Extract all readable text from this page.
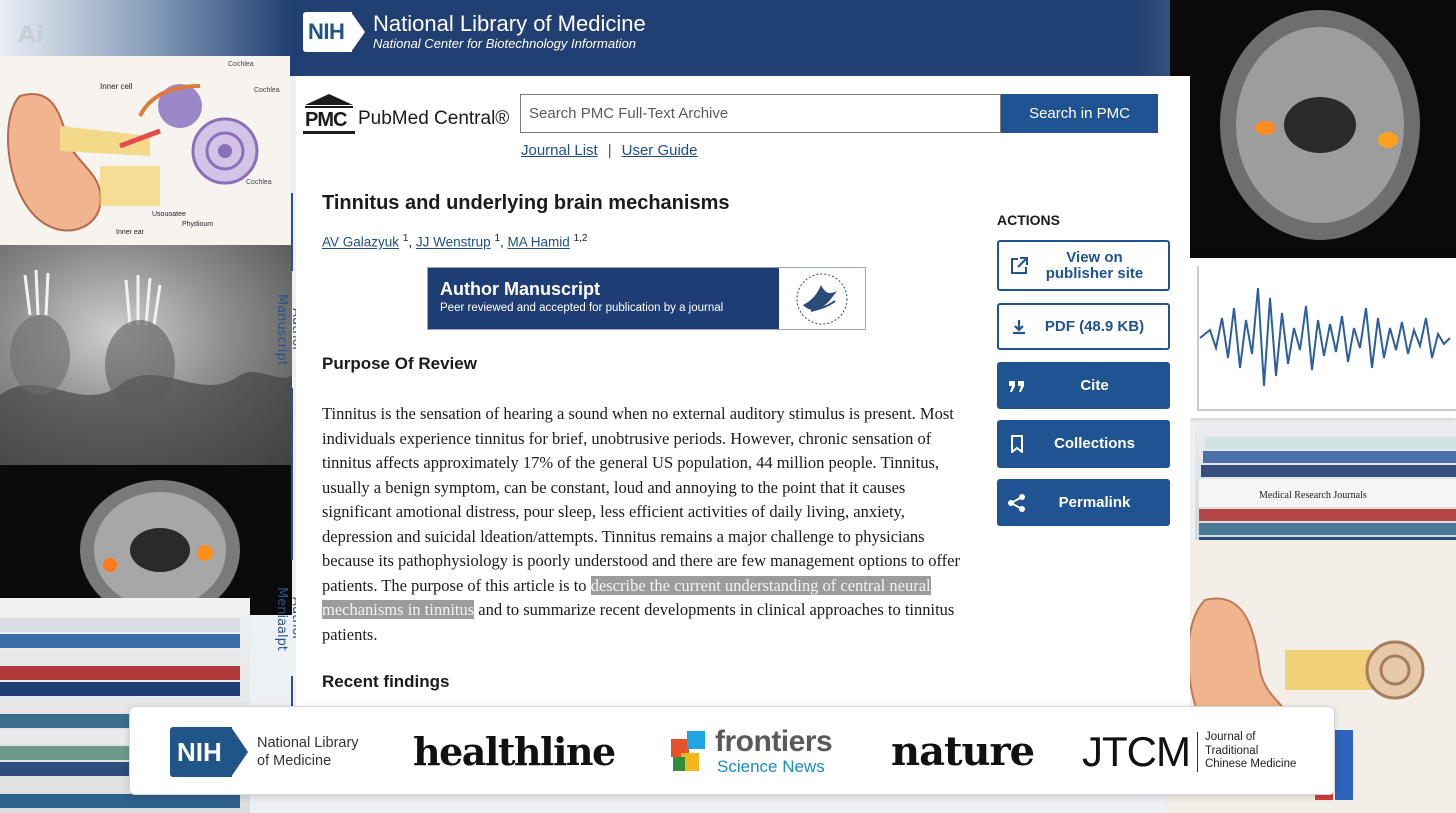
Ai	NIH National Library of Medicine
National Center for Biotechnology Information
Inner cell
Cochlea
Cochlea
Cochlea
Usouoatee
Inner ear
Phydioum
Manuscript
Meniaalpt
Medical Research Journals
PMC PubMed Central®
Search PMC Full-Text Archive	Search in PMC
Journal List | User Guide
Tinnitus and underlying brain mechanisms
AV Galazyuk $^1$, JJ Wenstrup $^1$, MA Hamid $^{1,2}$
Author Manuscript
Peer reviewed and accepted for publication by a journal
Purpose Of Review

Tinnitus is the sensation of hearing a sound when no external auditory stimulus is present. Most individuals experience tinnitus for brief, unobtrusive periods. However, chronic sensation of tinnitus affects approximately 17% of the general US population, 44 million people. Tinnitus, usually a benign symptom, can be constant, loud and annoying to the point that it causes significant amotional distress, pour sleep, less efficient activities of daily living, anxiety, depression and suicidal ldeation/attempts. Tinnitus remains a major challenge to physicians because its pathophysiology is poorly understood and there are few management options to offer patients. The purpose of this article is to describe the current understanding of central neural mechanisms in tinnitus and to summarize recent developments in clinical approaches to tinnitus patients.

Recent findings
ACTIONS
View on publisher site
PDF (48.9 KB)
Cite
Collections
Permalink
NIH National Library
of Medicine	healthline	frontiers
Science News nature JTCM Journal of
Traditional
Chinese Medicine
